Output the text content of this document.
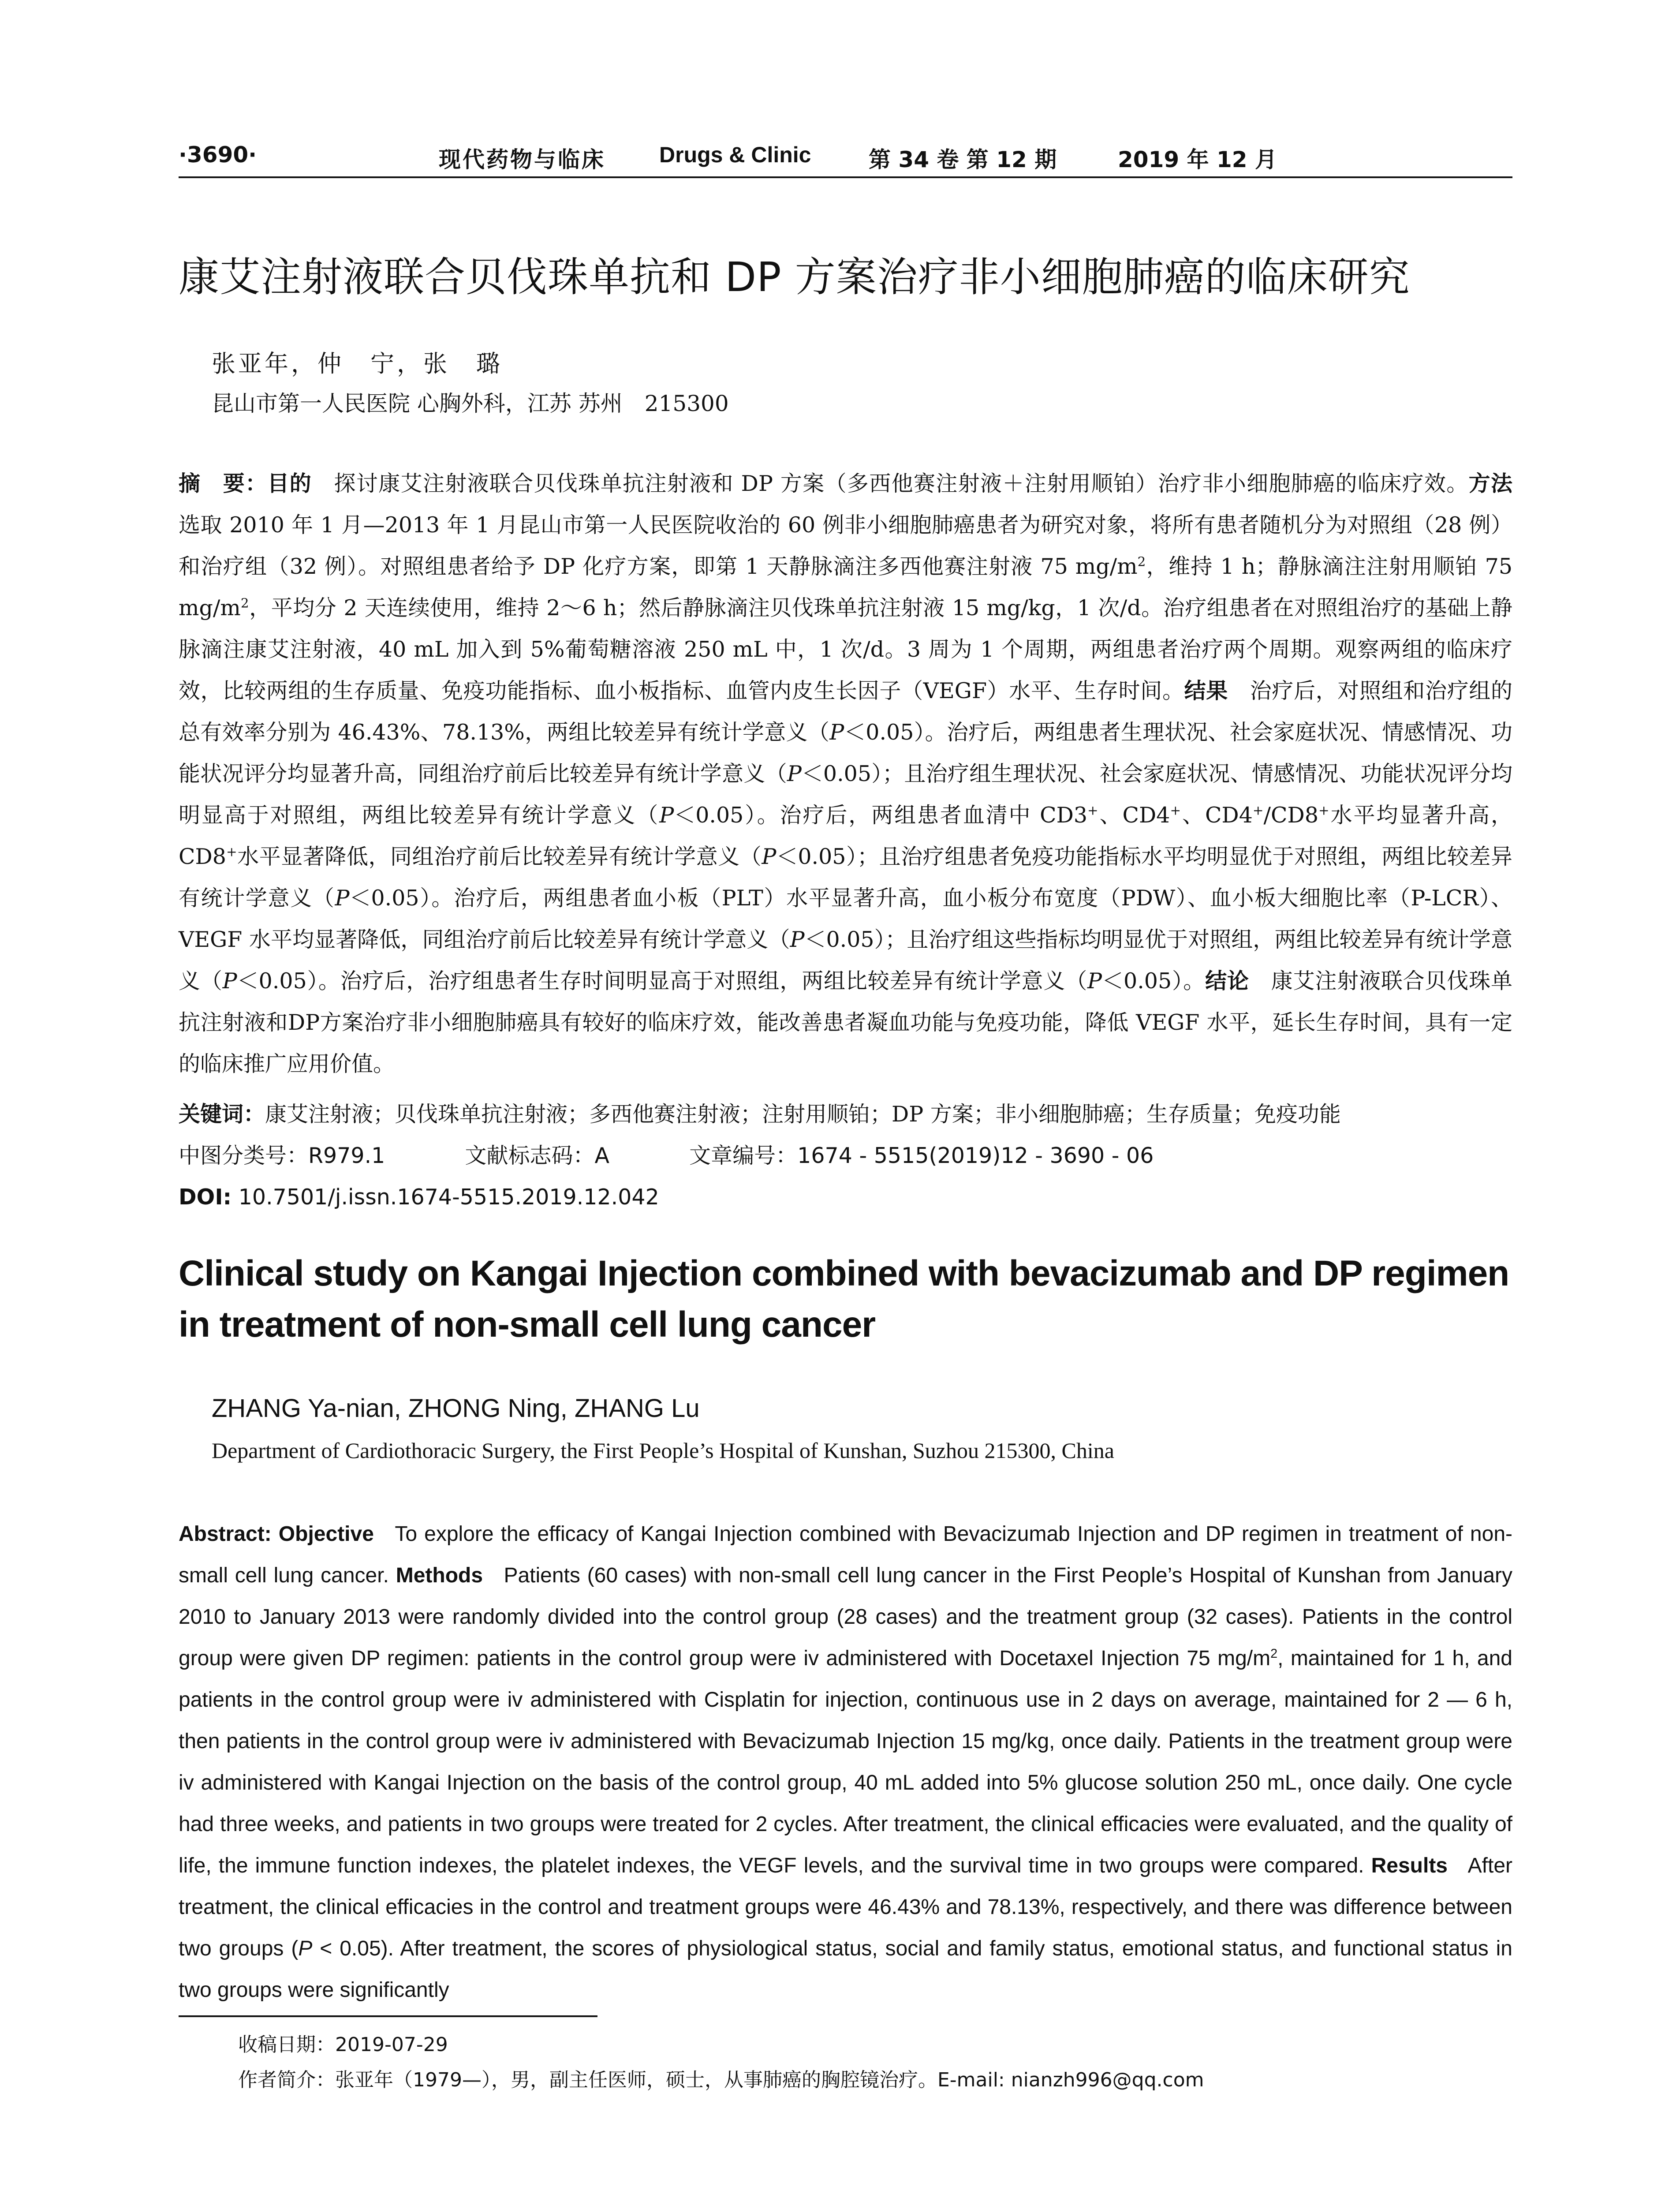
·3690·	现代药物与临床 Drugs & Clinic	第 34 卷 第 12 期	2019 年 12 月
康艾注射液联合贝伐珠单抗和 DP 方案治疗非小细胞肺癌的临床研究
张亚年，仲　宁，张　璐
昆山市第一人民医院 心胸外科，江苏 苏州　215300
摘　要：目的　 探讨康艾注射液联合贝伐珠单抗注射液和 DP 方案（多西他赛注射液＋注射用顺铂）治疗非小细胞肺癌的临床疗效。方法　选取 2010 年 1 月—2013 年 1 月昆山市第一人民医院收治的 60 例非小细胞肺癌患者为研究对象，将所有患者随机分为对照组（28 例）和治疗组（32 例）。对照组患者给予 DP 化疗方案，即第 1 天静脉滴注多西他赛注射液 75 $mg/m^2$，维持 1 h；静脉滴注注射用顺铂 75 $mg/m^2$，平均分 2 天连续使用，维持 2～6 h；然后静脉滴注贝伐珠单抗注射液 15 mg/kg，1 次/d。治疗组患者在对照组治疗的基础上静脉滴注康艾注射液，40 mL 加入到 5%葡萄糖溶液 250 mL 中，1 次/d。3 周为 1 个周期，两组患者治疗两个周期。观察两组的临床疗效，比较两组的生存质量、免疫功能指标、血小板指标、血管内皮生长因子（VEGF）水平、生存时间。结果　 治疗后，对照组和治疗组的总有效率分别为 46.43%、78.13%，两组比较差异有统计学意义（P＜0.05）。治疗后，两组患者生理状况、社会家庭状况、情感情况、功能状况评分均显著升高，同组治疗前后比较差异有统计学意义（P＜0.05）；且治疗组生理状况、社会家庭状况、情感情况、功能状况评分均明显高于对照组，两组比较差异有统计学意义（P＜0.05）。治疗后，两组患者血清中 CD3+、CD4+、CD4+/CD8+水平均显著升高，CD8+水平显著降低，同组治疗前后比较差异有统计学意义（P＜0.05）；且治疗组患者免疫功能指标水平均明显优于对照组，两组比较差异有统计学意义（P＜0.05）。治疗后，两组患者血小板（PLT）水平显著升高，血小板分布宽度（PDW）、血小板大细胞比率（P-LCR）、VEGF 水平均显著降低，同组治疗前后比较差异有统计学意义（P＜0.05）；且治疗组这些指标均明显优于对照组，两组比较差异有统计学意义（P＜0.05）。治疗后，治疗组患者生存时间明显高于对照组，两组比较差异有统计学意义（P＜0.05）。结论　 康艾注射液联合贝伐珠单抗注射液和DP方案治疗非小细胞肺癌具有较好的临床疗效，能改善患者凝血功能与免疫功能，降低 VEGF 水平，延长生存时间，具有一定的临床推广应用价值。
关键词：康艾注射液；贝伐珠单抗注射液；多西他赛注射液；注射用顺铂；DP 方案；非小细胞肺癌；生存质量；免疫功能
中图分类号：R979.1	文献标志码：A	文章编号：1674 - 5515(2019)12 - 3690 - 06
DOI: 10.7501/j.issn.1674-5515.2019.12.042
Clinical study on Kangai Injection combined with bevacizumab and DP regimen in treatment of non-small cell lung cancer
ZHANG Ya-nian, ZHONG Ning, ZHANG Lu
Department of Cardiothoracic Surgery, the First People’s Hospital of Kunshan, Suzhou 215300, China
Abstract: Objective To explore the efficacy of Kangai Injection combined with Bevacizumab Injection and DP regimen in treatment of non-small cell lung cancer. Methods Patients (60 cases) with non-small cell lung cancer in the First People’s Hospital of Kunshan from January 2010 to January 2013 were randomly divided into the control group (28 cases) and the treatment group (32 cases). Patients in the control group were given DP regimen: patients in the control group were iv administered with Docetaxel Injection 75 $mg/m^2$, maintained for 1 h, and patients in the control group were iv administered with Cisplatin for injection, continuous use in 2 days on average, maintained for 2 — 6 h, then patients in the control group were iv administered with Bevacizumab Injection 15 mg/kg, once daily. Patients in the treatment group were iv administered with Kangai Injection on the basis of the control group, 40 mL added into 5% glucose solution 250 mL, once daily. One cycle had three weeks, and patients in two groups were treated for 2 cycles. After treatment, the clinical efficacies were evaluated, and the quality of life, the immune function indexes, the platelet indexes, the VEGF levels, and the survival time in two groups were compared. Results After treatment, the clinical efficacies in the control and treatment groups were 46.43% and 78.13%, respectively, and there was difference between two groups (P < 0.05). After treatment, the scores of physiological status, social and family status, emotional status, and functional status in two groups were significantly
收稿日期：2019-07-29
作者简介：张亚年（1979—），男，副主任医师，硕士，从事肺癌的胸腔镜治疗。E-mail: nianzh996@qq.com
